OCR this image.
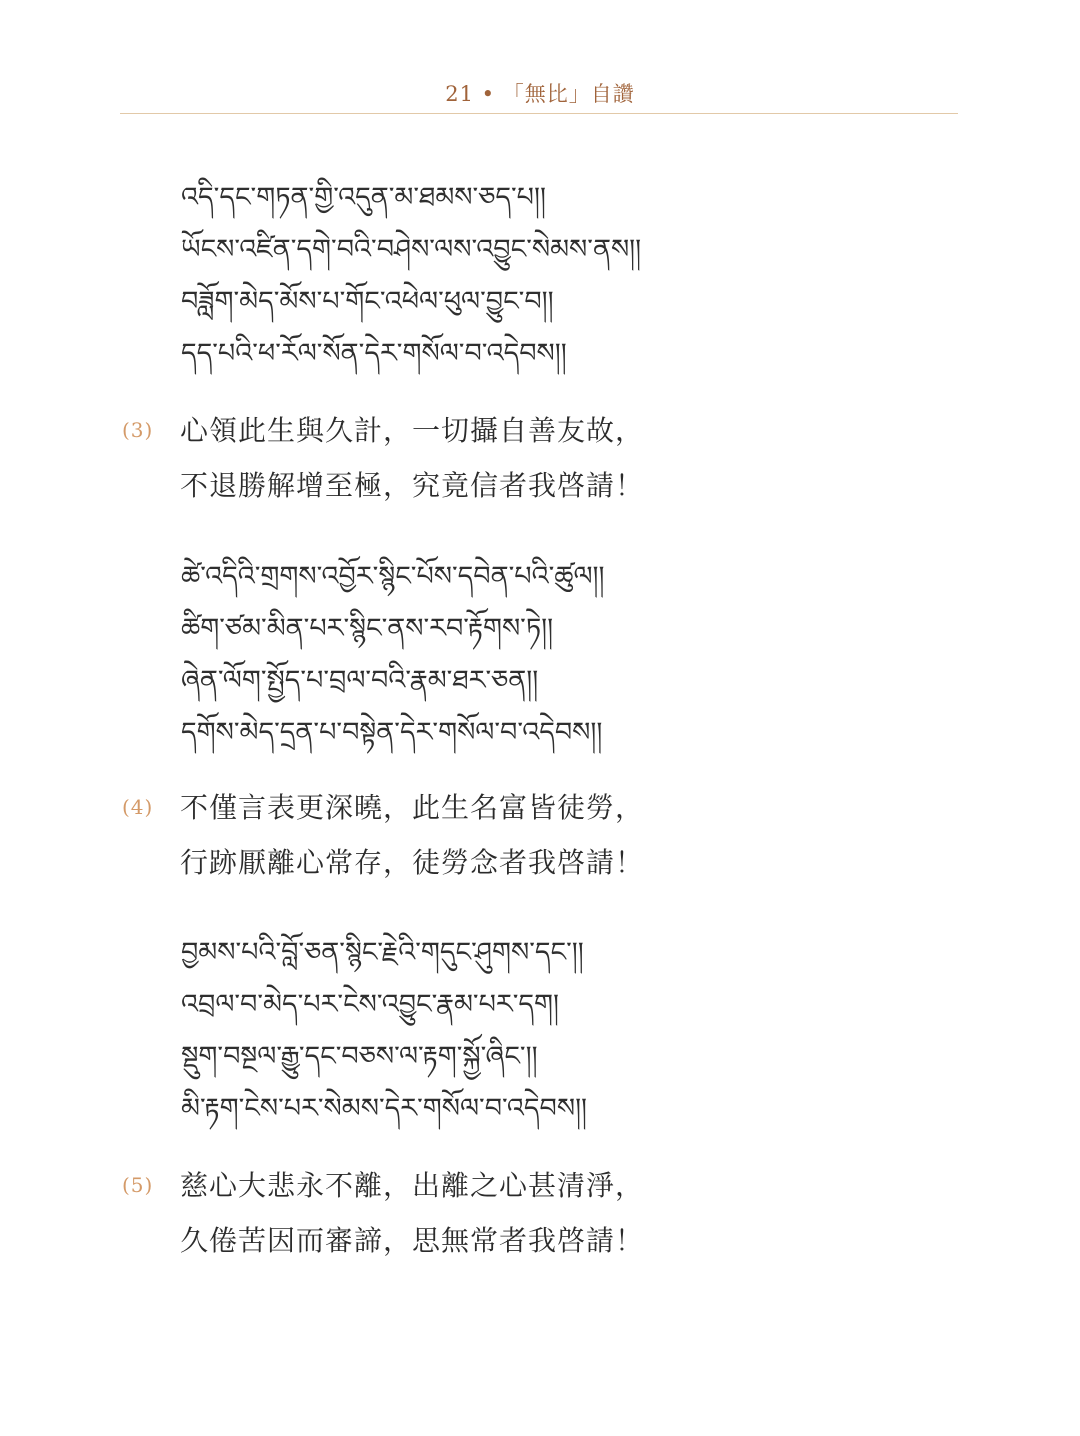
21 • 「無比」自讚
འདི་དང་གཏན་གྱི་འདུན་མ་ཐམས་ཅད་པ།།
ཡོངས་འཛིན་དགེ་བའི་བཤེས་ལས་འབྱུང་སེམས་ནས།།
བཟློག་མེད་མོས་པ་གོང་འཕེལ་ཕུལ་བྱུང་བ།།
དད་པའི་ཕ་རོལ་སོན་དེར་གསོལ་བ་འདེབས།།
(3) 心領此生與久計，一切攝自善友故，
不退勝解增至極，究竟信者我啓請！
ཚེ་འདིའི་གྲགས་འབྱོར་སྙིང་པོས་དབེན་པའི་ཚུལ།།
ཚིག་ཙམ་མིན་པར་སྙིང་ནས་རབ་རྟོགས་ཏེ།།
ཞེན་ལོག་སྤྱོད་པ་བྲལ་བའི་རྣམ་ཐར་ཅན།།
དགོས་མེད་དྲན་པ་བསྟེན་དེར་གསོལ་བ་འདེབས།།
(4) 不僅言表更深曉，此生名富皆徒勞，
行跡厭離心常存，徒勞念者我啓請！
བྱམས་པའི་བློ་ཅན་སྙིང་རྗེའི་གདུང་ཤུགས་དང་།།
འབྲལ་བ་མེད་པར་ངེས་འབྱུང་རྣམ་པར་དག།
སྡུག་བསྔལ་རྒྱུ་དང་བཅས་ལ་རྟག་སྐྱོ་ཞིང་།།
མི་རྟག་ངེས་པར་སེམས་དེར་གསོལ་བ་འདེབས།།
(5) 慈心大悲永不離，出離之心甚清淨，
久倦苦因而審諦，思無常者我啓請！
